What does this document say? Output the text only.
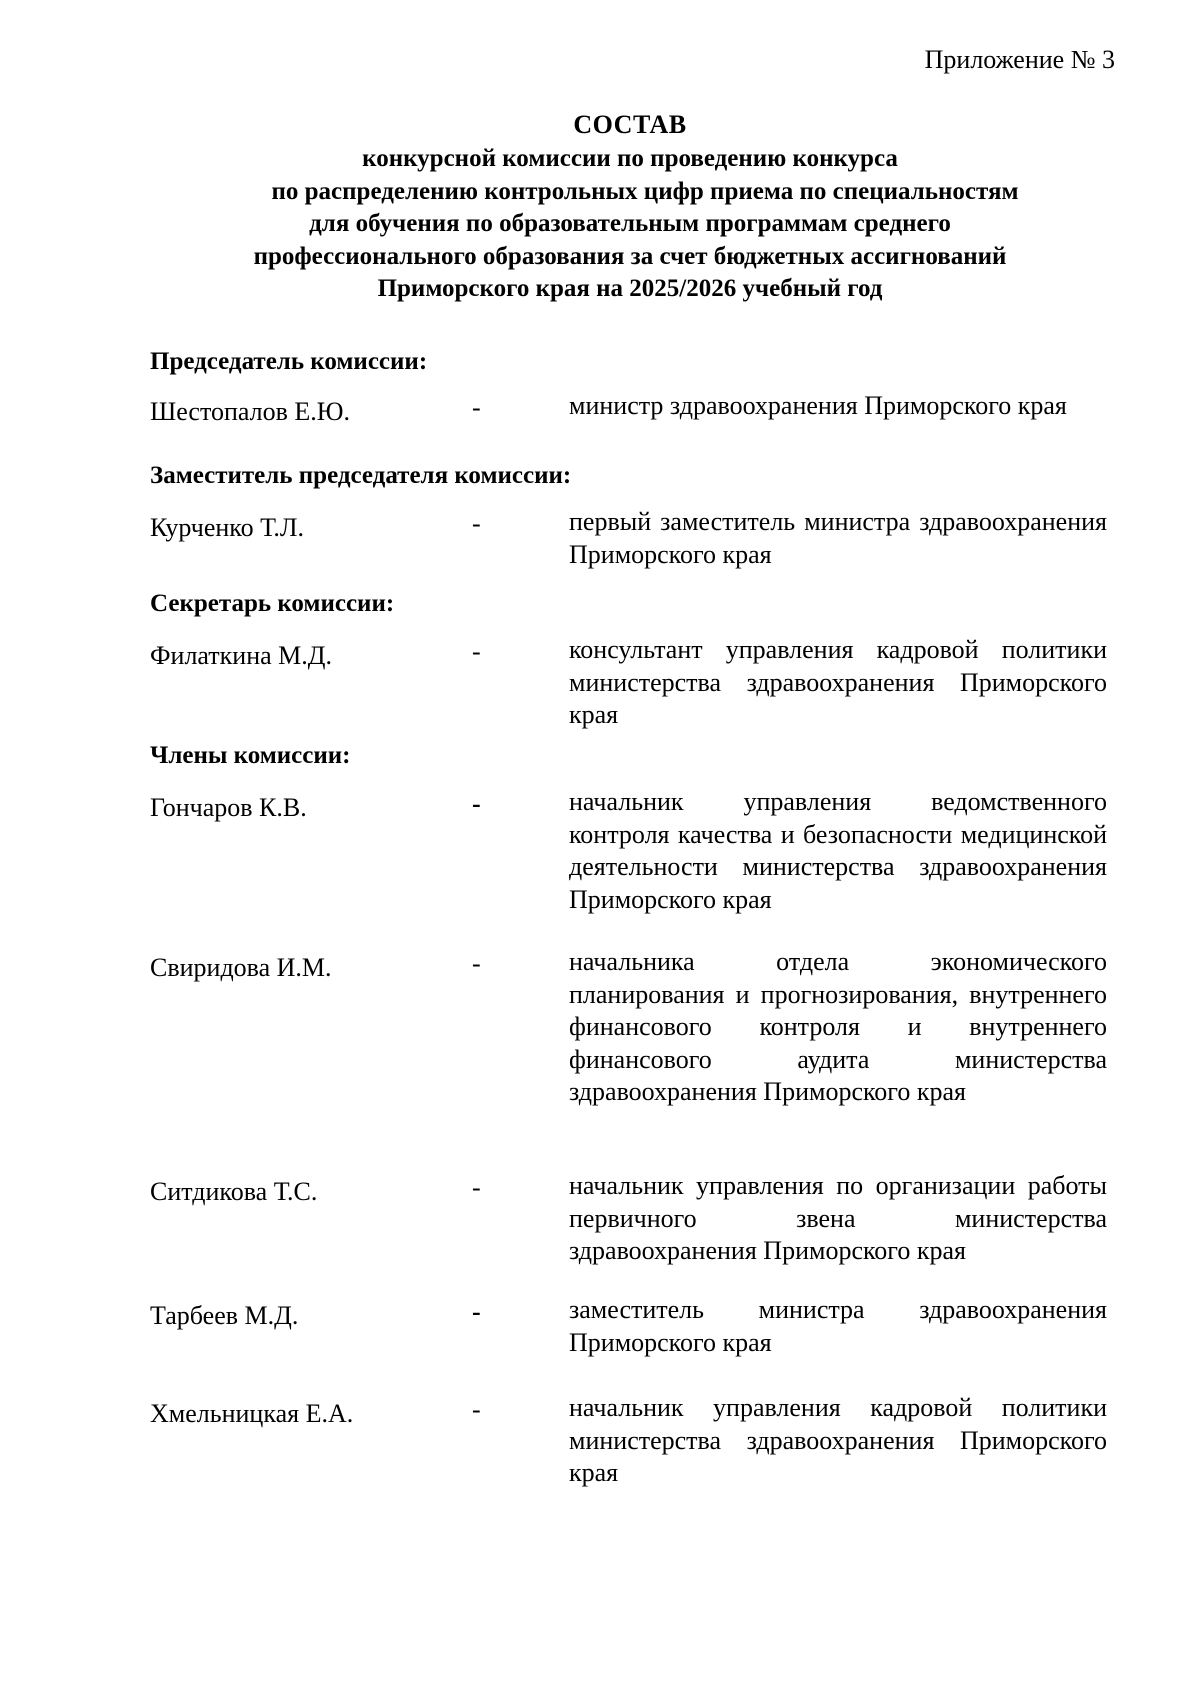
Приложение № 3
СОСТАВ
конкурсной комиссии по проведению конкурса
по распределению контрольных цифр приема по специальностям
для обучения по образовательным программам среднего
профессионального образования за счет бюджетных ассигнований
Приморского края на 2025/2026 учебный год
Председатель комиссии:
Шестопалов Е.Ю.	-	министр здравоохранения Приморского края
Заместитель председателя комиссии:
Курченко Т.Л.	-	первый заместитель министра здравоохранения Приморского края
Секретарь комиссии:
Филаткина М.Д.	-	консультант управления кадровой политики министерства здравоохранения Приморского края
Члены комиссии:
Гончаров К.В.	-	начальник управления ведомственного контроля качества и безопасности медицинской деятельности министерства здравоохранения Приморского края
Свиридова И.М.	-	начальника отдела экономического планирования и прогнозирования, внутреннего финансового контроля и внутреннего финансового аудита министерства здравоохранения Приморского края
Ситдикова Т.С.	-	начальник управления по организации работы первичного звена министерства здравоохранения Приморского края
Тарбеев М.Д.	-	заместитель министра здравоохранения Приморского края
Хмельницкая Е.А.	-	начальник управления кадровой политики министерства здравоохранения Приморского края
